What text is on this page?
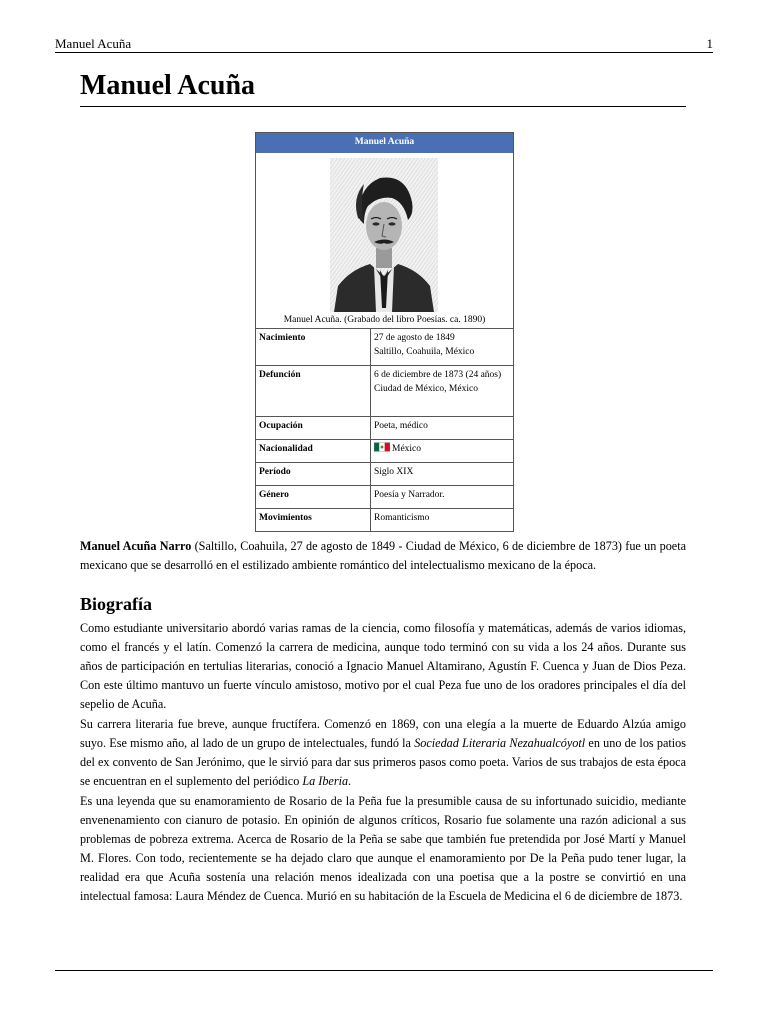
Manuel Acuña	1
Manuel Acuña
Manuel Acuña
Manuel Acuña. (Grabado del libro Poesías. ca. 1890)
Nacimiento	27 de agosto de 1849
Saltillo, Coahuila, México

Defunción	6 de diciembre de 1873 (24 años)
Ciudad de México, México

Ocupación	Poeta, médico

Nacionalidad	México
Período	Siglo XIX

Género	Poesía y Narrador.

Movimientos	Romanticismo

Manuel Acuña Narro (Saltillo, Coahuila, 27 de agosto de 1849 - Ciudad de México, 6 de diciembre de 1873) fue un poeta mexicano que se desarrolló en el estilizado ambiente romántico del intelectualismo mexicano de la época.

Biografía

Como estudiante universitario abordó varias ramas de la ciencia, como filosofía y matemáticas, además de varios idiomas, como el francés y el latín. Comenzó la carrera de medicina, aunque todo terminó con su vida a los 24 años. Durante sus años de participación en tertulias literarias, conoció a Ignacio Manuel Altamirano, Agustín F. Cuenca y Juan de Dios Peza. Con este último mantuvo un fuerte vínculo amistoso, motivo por el cual Peza fue uno de los oradores principales el día del sepelio de Acuña.

Su carrera literaria fue breve, aunque fructífera. Comenzó en 1869, con una elegía a la muerte de Eduardo Alzúa amigo suyo. Ese mismo año, al lado de un grupo de intelectuales, fundó la Sociedad Literaria Nezahualcóyotl en uno de los patios del ex convento de San Jerónimo, que le sirvió para dar sus primeros pasos como poeta. Varios de sus trabajos de esta época se encuentran en el suplemento del periódico La Iberia.

Es una leyenda que su enamoramiento de Rosario de la Peña fue la presumible causa de su infortunado suicidio, mediante envenenamiento con cianuro de potasio. En opinión de algunos críticos, Rosario fue solamente una razón adicional a sus problemas de pobreza extrema. Acerca de Rosario de la Peña se sabe que también fue pretendida por José Martí y Manuel M. Flores. Con todo, recientemente se ha dejado claro que aunque el enamoramiento por De la Peña pudo tener lugar, la realidad era que Acuña sostenía una relación menos idealizada con una poetisa que a la postre se convirtió en una intelectual famosa: Laura Méndez de Cuenca. Murió en su habitación de la Escuela de Medicina el 6 de diciembre de 1873.
